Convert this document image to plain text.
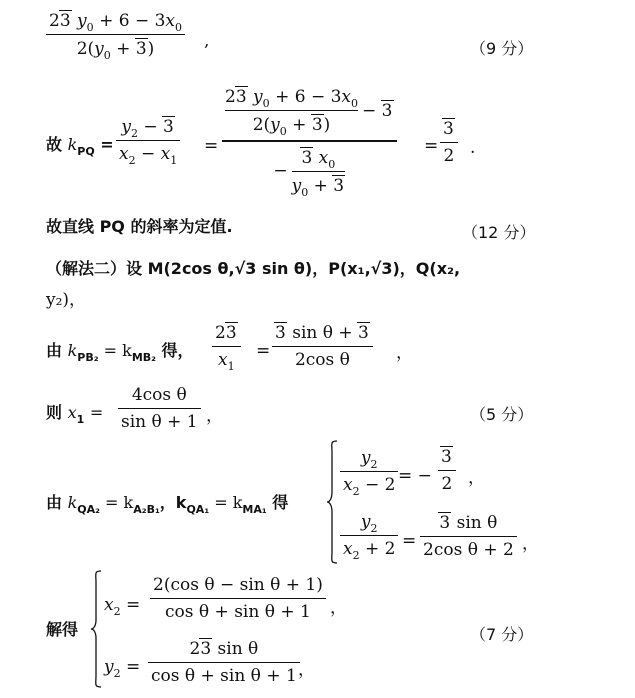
23 $y_0 + 6 - 3x_0$
$2(y_0 + 3)$	,	（9 分）
故 $k_{PQ}$ =
$y_2 - 3$
$x_2 - x_1$
=
23 $y_0 + 6 - 3x_0$
$2(y_0 + 3)$
− 3
−
3 $x_0$
$y_0 + 3$
=
3
2 .
故直线 PQ 的斜率为定值.	（12 分）
（解法二）设 M(2cos θ,√3 sin θ)，P(x₁,√3)，Q(x₂,
y₂)，
由 $k_{PB_2} = k_{MB_2}$ 得，
23
$x_1$
=
3 sin θ + 3
2cos θ	，
则 $x_1$ =
4cos θ
sin θ + 1 ，	（5 分）
由 $k_{QA_2} = k_{A_2B_1}$，$k_{QA_1} = k_{MA_1}$ 得
$y_2$
$x_2 - 2$ = −
3
2 ，
$y_2$
$x_2 + 2$ =
3 sin θ
2cos θ + 2 ，
解得
$x_2$ =
2(cos θ − sin θ + 1)
cos θ + sin θ + 1 ，
$y_2$ =
23 sin θ
cos θ + sin θ + 1 ，
（7 分）
